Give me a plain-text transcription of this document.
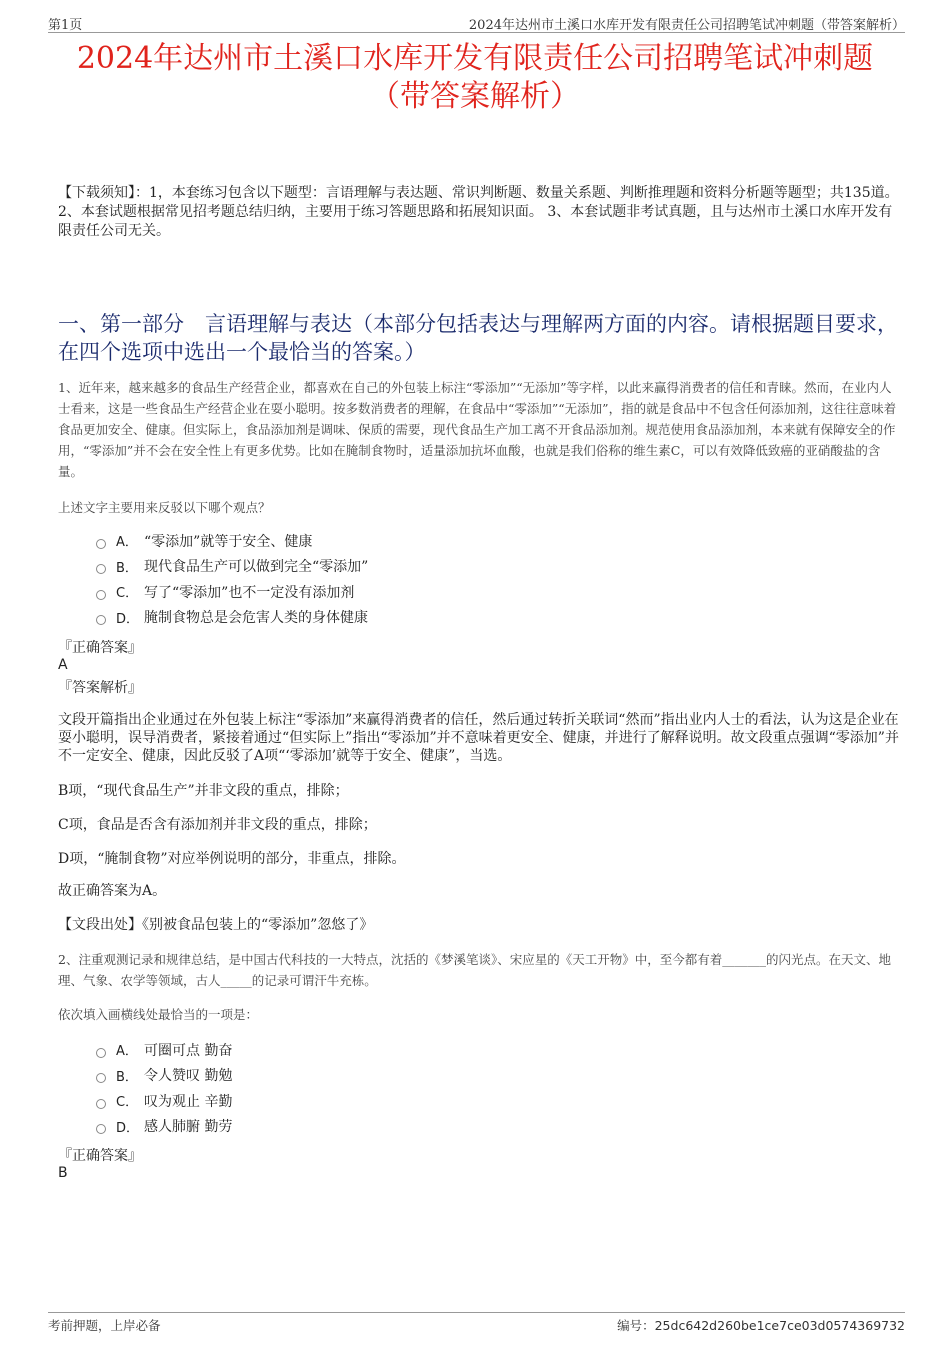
第1页	2024年达州市土溪口水库开发有限责任公司招聘笔试冲刺题（带答案解析）
2024年达州市土溪口水库开发有限责任公司招聘笔试冲刺题
（带答案解析）
【下载须知】：1，本套练习包含以下题型：言语理解与表达题、常识判断题、数量关系题、判断推理题和资料分析题等题型；共135道。 2、本套试题根据常见招考题总结归纳，主要用于练习答题思路和拓展知识面。 3、本套试题非考试真题，且与达州市土溪口水库开发有限责任公司无关。
一、第一部分　言语理解与表达（本部分包括表达与理解两方面的内容。请根据题目要求，在四个选项中选出一个最恰当的答案。）
1、近年来，越来越多的食品生产经营企业，都喜欢在自己的外包装上标注“零添加”“无添加”等字样，以此来赢得消费者的信任和青睐。然而，在业内人士看来，这是一些食品生产经营企业在耍小聪明。按多数消费者的理解，在食品中“零添加”“无添加”，指的就是食品中不包含任何添加剂，这往往意味着食品更加安全、健康。但实际上，食品添加剂是调味、保质的需要，现代食品生产加工离不开食品添加剂。规范使用食品添加剂，本来就有保障安全的作用，“零添加”并不会在安全性上有更多优势。比如在腌制食物时，适量添加抗坏血酸，也就是我们俗称的维生素C，可以有效降低致癌的亚硝酸盐的含量。
上述文字主要用来反驳以下哪个观点？
A． “零添加”就等于安全、健康
B． 现代食品生产可以做到完全“零添加”
C． 写了“零添加”也不一定没有添加剂
D． 腌制食物总是会危害人类的身体健康
『正确答案』
A
『答案解析』
文段开篇指出企业通过在外包装上标注“零添加”来赢得消费者的信任，然后通过转折关联词“然而”指出业内人士的看法，认为这是企业在耍小聪明，误导消费者，紧接着通过“但实际上”指出“零添加”并不意味着更安全、健康，并进行了解释说明。故文段重点强调“零添加”并不一定安全、健康，因此反驳了A项“‘零添加’就等于安全、健康”，当选。
B项，“现代食品生产”并非文段的重点，排除；
C项，食品是否含有添加剂并非文段的重点，排除；
D项，“腌制食物”对应举例说明的部分，非重点，排除。
故正确答案为A。
【文段出处】《别被食品包装上的“零添加”忽悠了》
2、注重观测记录和规律总结，是中国古代科技的一大特点，沈括的《梦溪笔谈》、宋应星的《天工开物》中，至今都有着_______的闪光点。在天文、地理、气象、农学等领域，古人_____的记录可谓汗牛充栋。
依次填入画横线处最恰当的一项是：
A． 可圈可点 勤奋
B． 令人赞叹 勤勉
C． 叹为观止 辛勤
D． 感人肺腑 勤劳
『正确答案』
B
考前押题，上岸必备	编号：25dc642d260be1ce7ce03d0574369732
